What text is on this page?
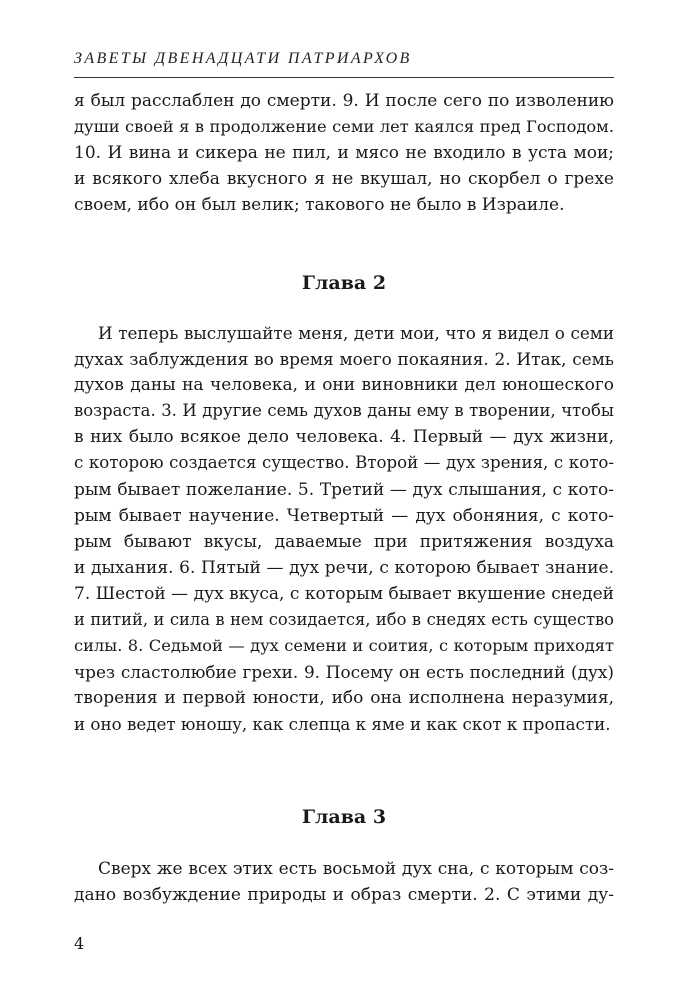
ЗАВЕТЫ ДВЕНАДЦАТИ ПАТРИАРХОВ
я был расслаблен до смерти. 9. И после сего по изволению
души своей я в продолжение семи лет каялся пред Господом.
10. И вина и сикера не пил, и мясо не входило в уста мои;
и всякого хлеба вкусного я не вкушал, но скорбел о грехе
своем, ибо он был велик; такового не было в Израиле.
Глава 2
И теперь выслушайте меня, дети мои, что я видел о семи
духах заблуждения во время моего покаяния. 2. Итак, семь
духов даны на человека, и они виновники дел юношеского
возраста. 3. И другие семь духов даны ему в творении, чтобы
в них было всякое дело человека. 4. Первый — дух жизни,
с которою создается существо. Второй — дух зрения, с кото-
рым бывает пожелание. 5. Третий — дух слышания, с кото-
рым бывает научение. Четвертый — дух обоняния, с кото-
рым бывают вкусы, даваемые при притяжения воздуха
и дыхания. 6. Пятый — дух речи, с которою бывает знание.
7. Шестой — дух вкуса, с которым бывает вкушение снедей
и питий, и сила в нем созидается, ибо в снедях есть существо
силы. 8. Седьмой — дух семени и соития, с которым приходят
чрез сластолюбие грехи. 9. Посему он есть последний (дух)
творения и первой юности, ибо она исполнена неразумия,
и оно ведет юношу, как слепца к яме и как скот к пропасти.
Глава 3
Сверх же всех этих есть восьмой дух сна, с которым соз-
дано возбуждение природы и образ смерти. 2. С этими ду-
4
